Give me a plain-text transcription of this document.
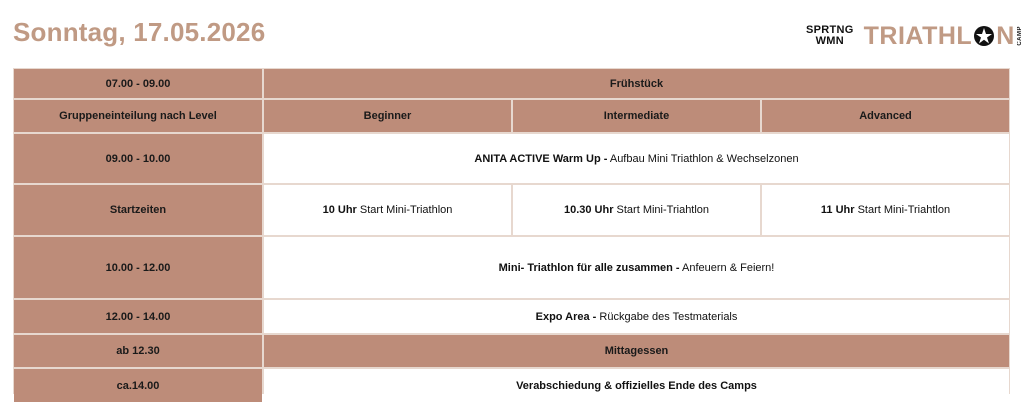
Sonntag, 17.05.2026	SPRTNG
WMN TRIATHL N CAMP
07.00 - 09.00	Frühstück
Gruppeneinteilung nach Level	Beginner	Intermediate	Advanced
09.00 - 10.00	ANITA ACTIVE Warm Up - Aufbau Mini Triathlon & Wechselzonen
Startzeiten	10 Uhr Start Mini-Triathlon	10.30 Uhr Start Mini-Triahtlon	11 Uhr Start Mini-Triahtlon
10.00 - 12.00	Mini- Triathlon für alle zusammen - Anfeuern & Feiern!
12.00 - 14.00	Expo Area - Rückgabe des Testmaterials
ab 12.30	Mittagessen
ca.14.00	Verabschiedung & offizielles Ende des Camps
